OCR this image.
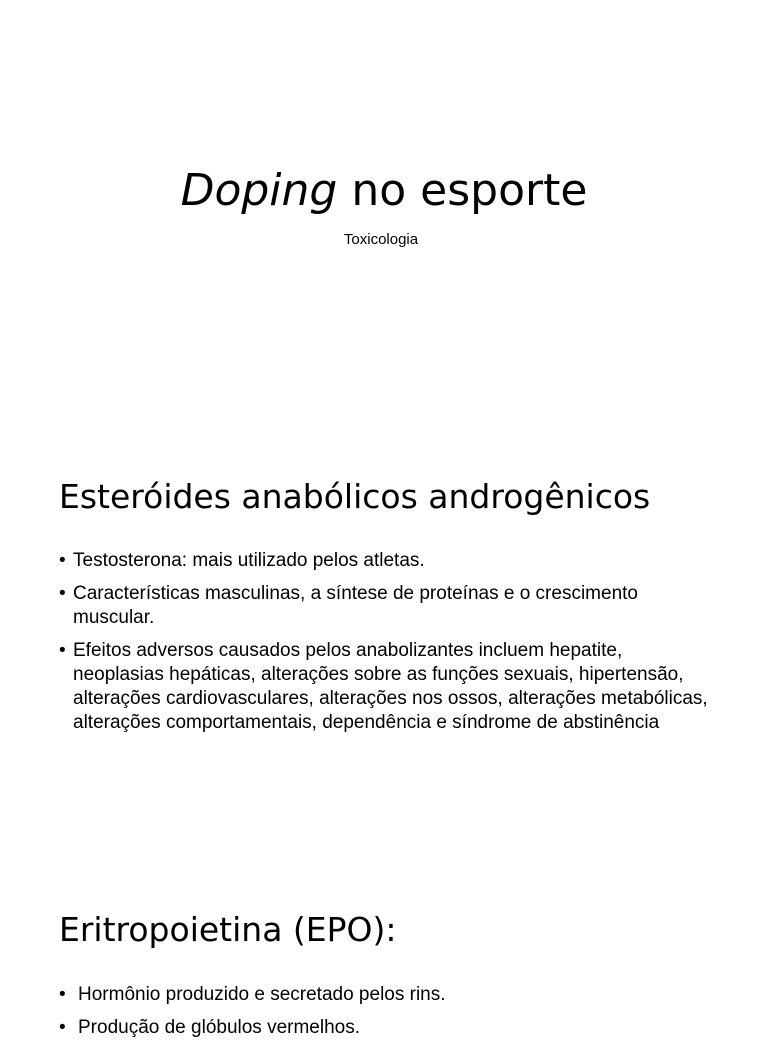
Doping no esporte
Toxicologia
Esteróides anabólicos androgênicos
• Testosterona: mais utilizado pelos atletas.
• Características masculinas, a síntese de proteínas e o crescimento muscular.
• Efeitos adversos causados pelos anabolizantes incluem hepatite, neoplasias hepáticas, alterações sobre as funções sexuais, hipertensão, alterações cardiovasculares, alterações nos ossos, alterações metabólicas, alterações comportamentais, dependência e síndrome de abstinência
Eritropoietina (EPO):
• Hormônio produzido e secretado pelos rins.
• Produção de glóbulos vermelhos.
